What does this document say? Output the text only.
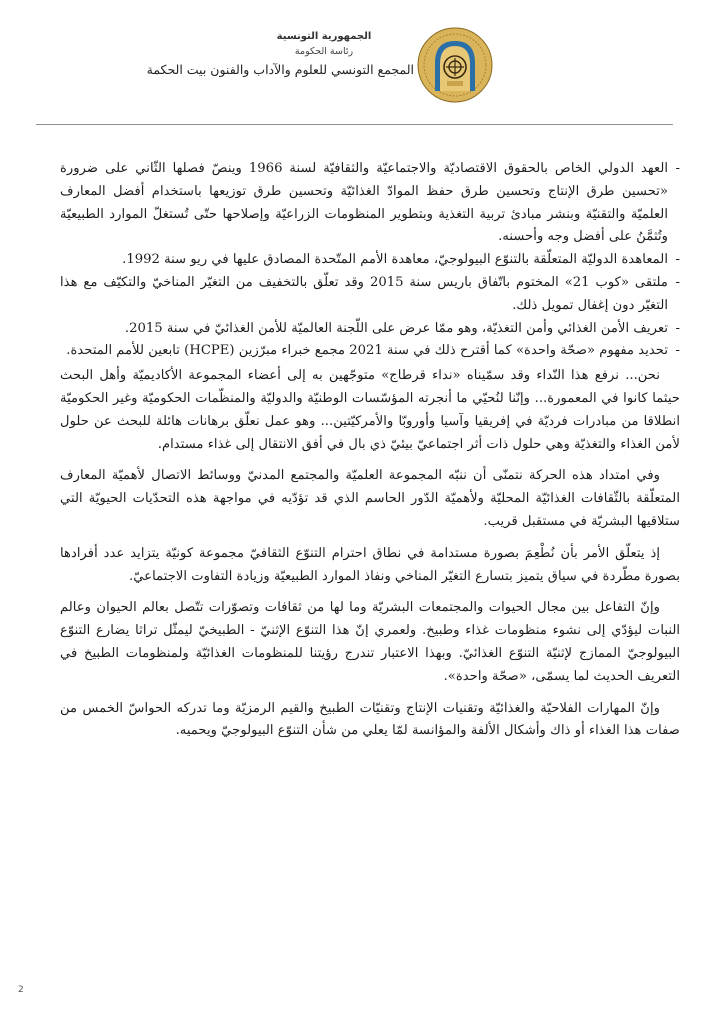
الجمهورية التونسية
رئاسة الحكومة
المجمع التونسي للعلوم والآداب والفنون بيت الحكمة
-
العهد الدولي الخاص بالحقوق الاقتصاديّة والاجتماعيّة والثقافيّة لسنة 1966 وينصّ فصلها الثّاني على ضرورة «تحسين طرق الإنتاج وتحسين طرق حفظ الموادّ الغذائيّة وتحسين طرق توزيعها باستخدام أفضل المعارف العلميّة والتقنيّة وبنشر مبادئ تربية التغذية وبتطوير المنظومات الزراعيّة وإصلاحها حتّى تُستغلّ الموارد الطبيعيّة وتُثمَّنُ على أفضل وجه وأحسنه.
-
المعاهدة الدوليّة المتعلّقة بالتنوّع البيولوجيّ، معاهدة الأمم المتّحدة المصادق عليها في ريو سنة 1992.
-
ملتقى «كوب 21» المختوم باتّفاق باريس سنة 2015 وقد تعلّق بالتخفيف من التغيّر المناخيّ والتكيّف مع هذا التغيّر دون إغفال تمويل ذلك.
-
تعريف الأمن الغذائي وأمن التغذيّة، وهو ممّا عرض على اللّجنة العالميّة للأمن الغذائيّ في سنة 2015.
-
تحديد مفهوم «صحّة واحدة» كما أقترح ذلك في سنة 2021 مجمع خبراء مبرّزين (HCPE) تابعين للأمم المتحدة.

نحن... نرفع هذا النّداء وقد سمّيناه «نداء قرطاج» متوجّهين به إلى أعضاء المجموعة الأكاديميّة وأهل البحث حيثما كانوا في المعمورة... وإنّنا لنُحيّي ما أنجرته المؤسّسات الوطنيّة والدوليّة والمنظّمات الحكوميّة وغير الحكوميّة انطلاقا من مبادرات فرديّة في إفريقيا وآسيا وأوروبّا والأمركيّتين... وهو عمل نعلّق برهانات هائلة للبحث عن حلول لأمن الغذاء والتغذيّة وهي حلول ذات أثر اجتماعيّ بيئيّ ذي بال في أفق الانتقال إلى غذاء مستدام.

وفي امتداد هذه الحركة نتمنّى أن ننبّه المجموعة العلميّة والمجتمع المدنيّ ووسائط الاتصال لأهميّة المعارف المتعلّقة بالثّقافات الغذائيّة المحليّة ولأهميّة الدّور الحاسم الذي قد تؤدّيه في مواجهة هذه التحدّيات الحيويّة التي ستلاقيها البشريّة في مستقبل قريب.

إذ يتعلّق الأمر بأن نُطْعِمَ بصورة مستدامة في نطاق احترام التنوّع الثقافيّ مجموعة كونيّة يتزايد عدد أفرادها بصورة مطّردة في سياق يتميز بتسارع التغيّر المناخي ونفاذ الموارد الطبيعيّة وزيادة التفاوت الاجتماعيّ.

وإنّ التفاعل بين مجال الحيوات والمجتمعات البشريّة وما لها من ثقافات وتصوّرات تتّصل بعالم الحيوان وعالم النبات ليؤدّي إلى نشوء منظومات غذاء وطبيخ. ولعمري إنّ هذا التنوّع الإثنيّ - الطبيخيّ ليمثّل تراثا يضارع التنوّع البيولوجيّ الممازج لإثنيّة التنوّع الغذائيّ. وبهذا الاعتبار تندرج رؤيتنا للمنظومات الغذائيّة ولمنظومات الطبيخ في التعريف الحديث لما يسمّى، «صحّة واحدة».

وإنّ المهارات الفلاحيّة والغذائيّة وتقنيات الإنتاج وتقنيّات الطبيخ والقيم الرمزيّة وما تدركه الحواسّ الخمس من صفات هذا الغذاء أو ذاك وأشكال الألفة والمؤانسة لمّا يعلي من شأن التنوّع البيولوجيّ ويحميه.

2
